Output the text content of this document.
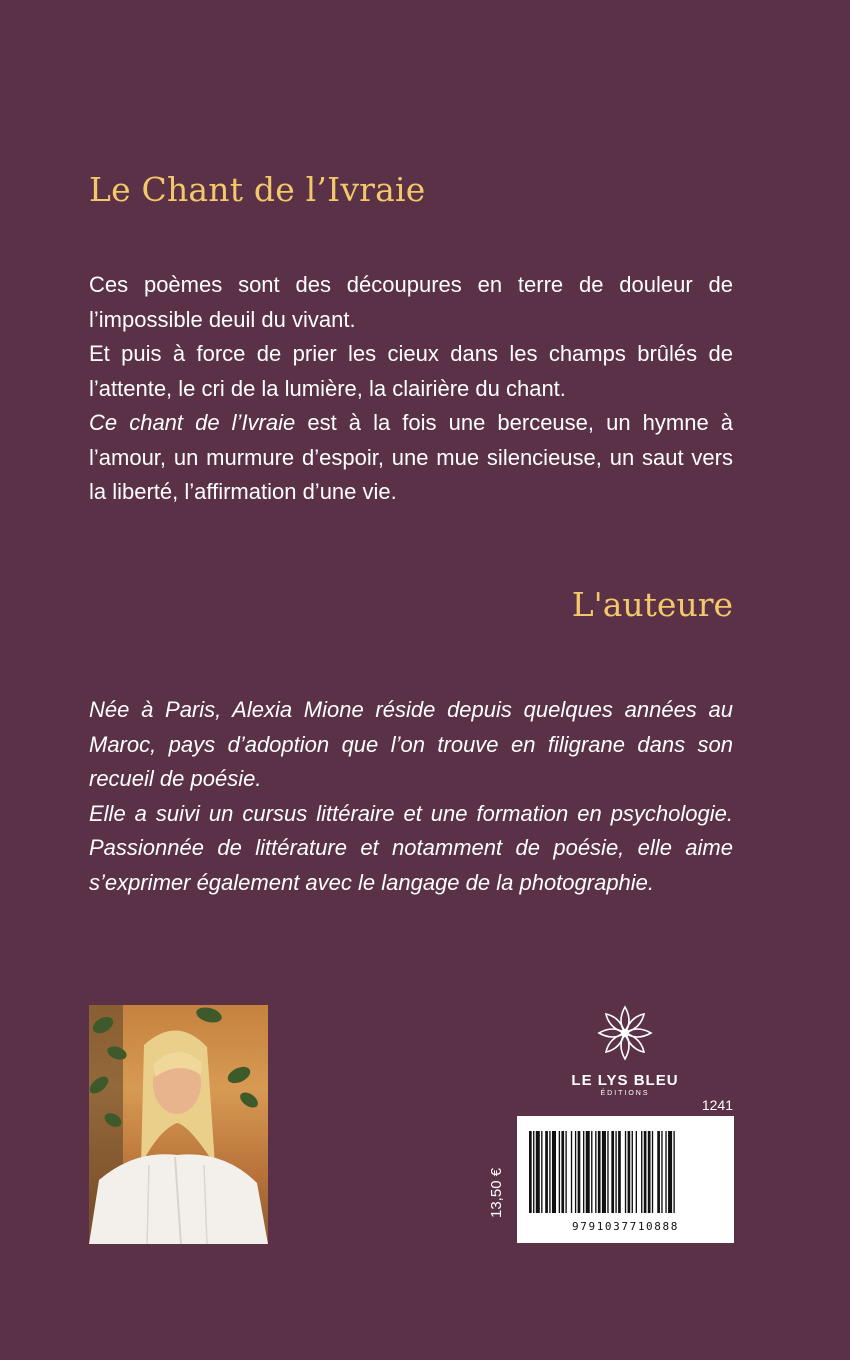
Le Chant de l’Ivraie

Ces poèmes sont des découpures en terre de douleur de l’impossible deuil du vivant.

Et puis à force de prier les cieux dans les champs brûlés de l’attente, le cri de la lumière, la clairière du chant.

Ce chant de l’Ivraie est à la fois une berceuse, un hymne à l’amour, un murmure d’espoir, une mue silencieuse, un saut vers la liberté, l’affirmation d’une vie.

L'auteure

Née à Paris, Alexia Mione réside depuis quelques années au Maroc, pays d’adoption que l’on trouve en filigrane dans son recueil de poésie.

Elle a suivi un cursus littéraire et une formation en psychologie. Passionnée de littérature et notamment de poésie, elle aime s’exprimer également avec le langage de la photographie.

LE LYS BLEU
ÉDITIONS
1241
13,50 €
9791037710888
